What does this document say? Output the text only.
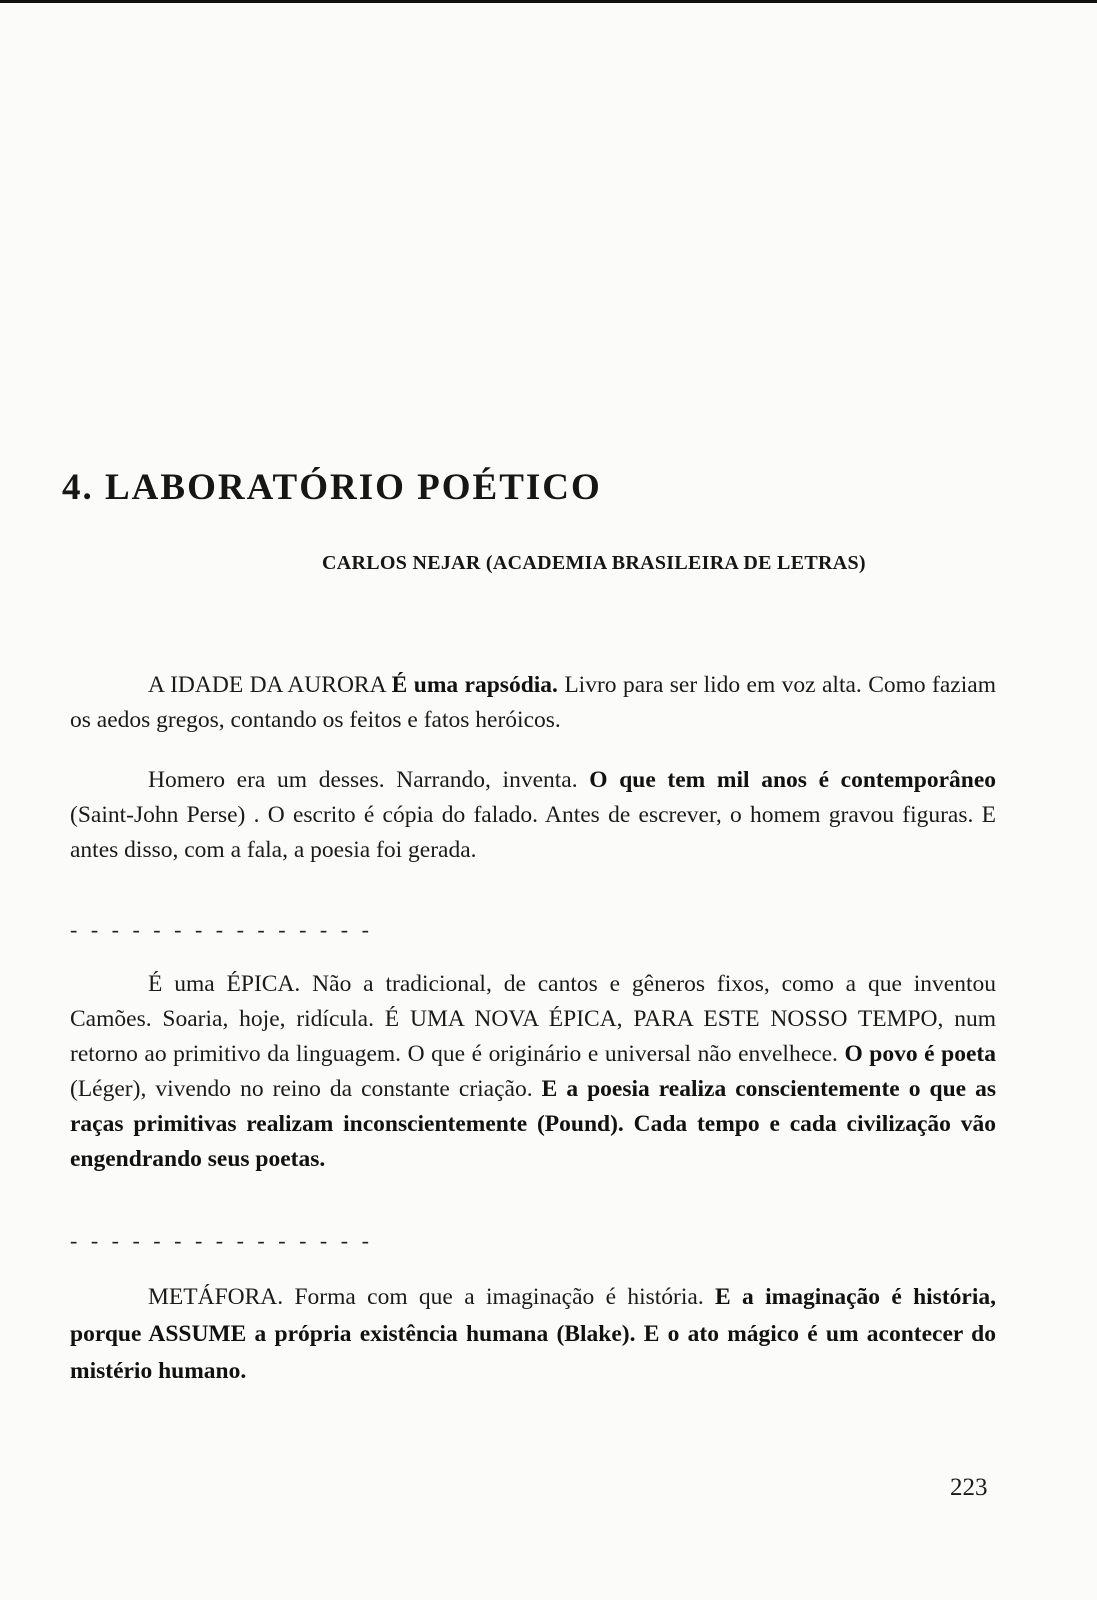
4. LABORATÓRIO POÉTICO

CARLOS NEJAR (ACADEMIA BRASILEIRA DE LETRAS)

A IDADE DA AURORA É uma rapsódia. Livro para ser lido em voz alta. Como faziam os aedos gregos, contando os feitos e fatos heróicos.

Homero era um desses. Narrando, inventa. O que tem mil anos é contemporâneo (Saint-John Perse) . O escrito é cópia do falado. Antes de escrever, o homem gravou figuras. E antes disso, com a fala, a poesia foi gerada.

- - - - - - - - - - - - - - -

É uma ÉPICA. Não a tradicional, de cantos e gêneros fixos, como a que inventou Camões. Soaria, hoje, ridícula. É UMA NOVA ÉPICA, PARA ESTE NOSSO TEMPO, num retorno ao primitivo da linguagem. O que é originário e universal não envelhece. O povo é poeta (Léger), vivendo no reino da constante criação. E a poesia realiza conscientemente o que as raças primitivas realizam inconscientemente (Pound). Cada tempo e cada civilização vão engendrando seus poetas.

- - - - - - - - - - - - - - -

METÁFORA. Forma com que a imaginação é história. E a imaginação é história, porque ASSUME a própria existência humana (Blake). E o ato mágico é um acontecer do mistério humano.

223
